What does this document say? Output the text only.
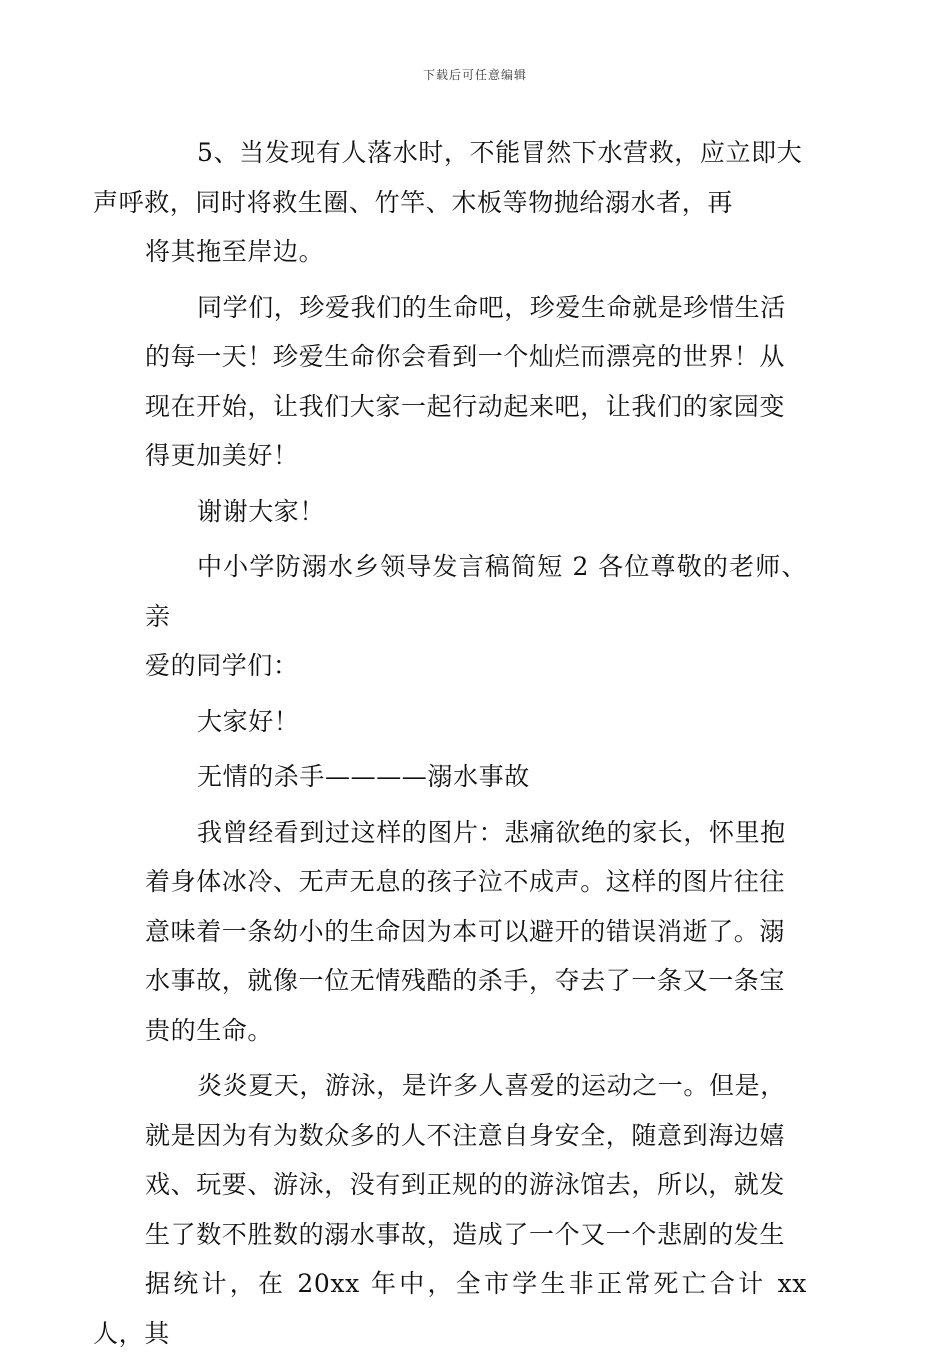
下载后可任意编辑

5、当发现有人落水时，不能冒然下水营救，应立即大
声呼救，同时将救生圈、竹竿、木板等物抛给溺水者，再
将其拖至岸边。

同学们，珍爱我们的生命吧，珍爱生命就是珍惜生活
的每一天！珍爱生命你会看到一个灿烂而漂亮的世界！从
现在开始，让我们大家一起行动起来吧，让我们的家园变
得更加美好！

谢谢大家！

中小学防溺水乡领导发言稿简短 2 各位尊敬的老师、亲
爱的同学们：

大家好！

无情的杀手————溺水事故

我曾经看到过这样的图片：悲痛欲绝的家长，怀里抱
着身体冰冷、无声无息的孩子泣不成声。这样的图片往往
意味着一条幼小的生命因为本可以避开的错误消逝了。溺
水事故，就像一位无情残酷的杀手，夺去了一条又一条宝
贵的生命。

炎炎夏天，游泳，是许多人喜爱的运动之一。但是，
就是因为有为数众多的人不注意自身安全，随意到海边嬉
戏、玩要、游泳，没有到正规的的游泳馆去，所以，就发
生了数不胜数的溺水事故，造成了一个又一个悲剧的发生
据统计，在 20xx 年中，全市学生非正常死亡合计 xx 人，其
